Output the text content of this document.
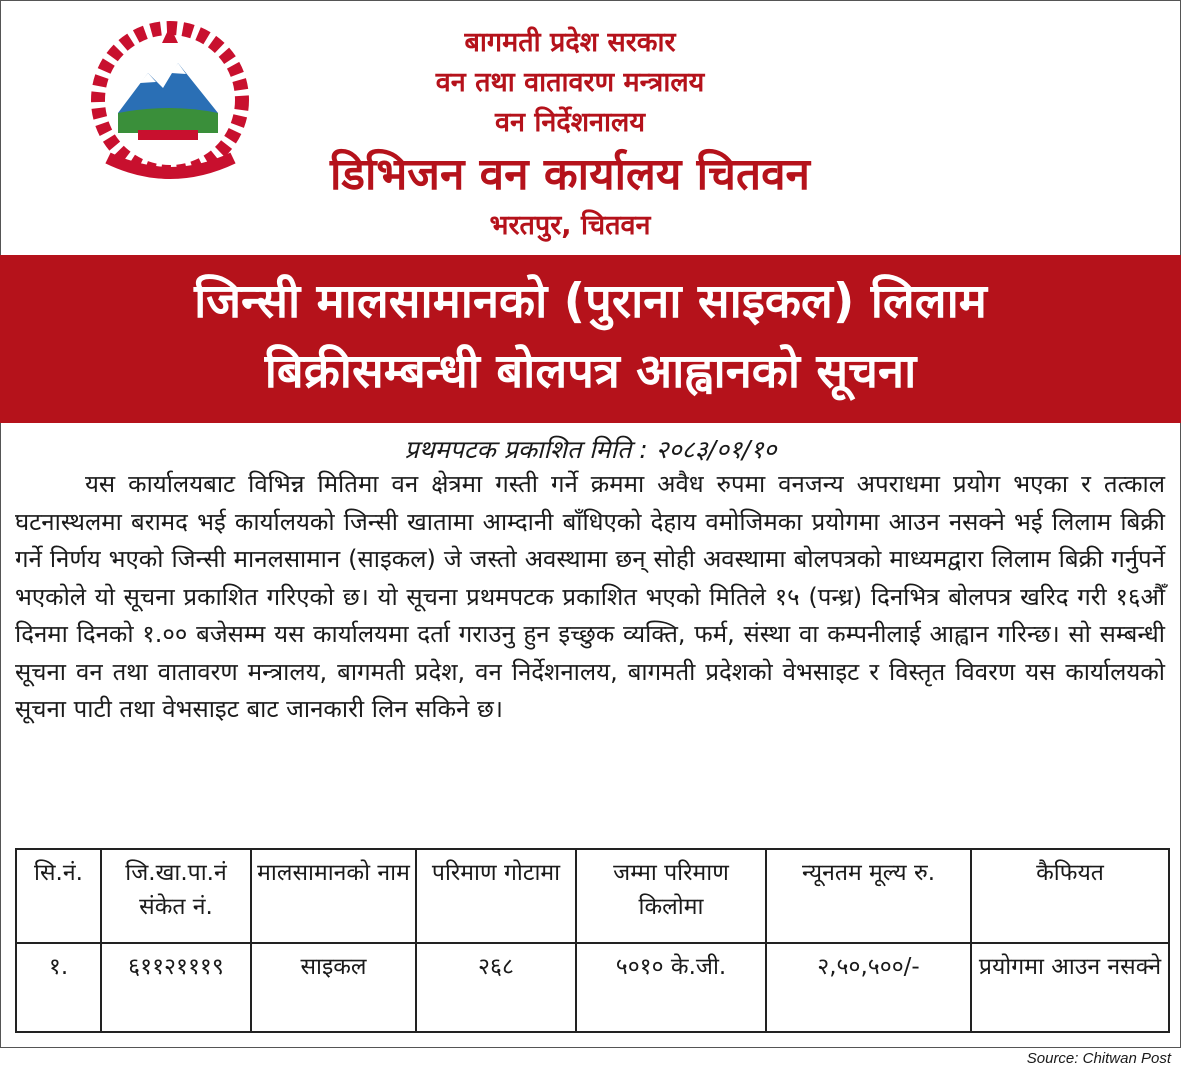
बागमती प्रदेश सरकार
वन तथा वातावरण मन्त्रालय
वन निर्देशनालय
डिभिजन वन कार्यालय चितवन
भरतपुर, चितवन
जिन्सी मालसामानको (पुराना साइकल) लिलाम
बिक्रीसम्बन्धी बोलपत्र आह्वानको सूचना
प्रथमपटक प्रकाशित मिति : २०८३/०१/१०
यस कार्यालयबाट विभिन्न मितिमा वन क्षेत्रमा गस्ती गर्ने क्रममा अवैध रुपमा वनजन्य अपराधमा प्रयोग भएका र तत्काल घटनास्थलमा बरामद भई कार्यालयको जिन्सी खातामा आम्दानी बाँधिएको देहाय वमोजिमका प्रयोगमा आउन नसक्ने भई लिलाम बिक्री गर्ने निर्णय भएको जिन्सी मानलसामान (साइकल) जे जस्तो अवस्थामा छन् सोही अवस्थामा बोलपत्रको माध्यमद्वारा लिलाम बिक्री गर्नुपर्ने भएकोले यो सूचना प्रकाशित गरिएको छ। यो सूचना प्रथमपटक प्रकाशित भएको मितिले १५ (पन्ध्र) दिनभित्र बोलपत्र खरिद गरी १६औँ दिनमा दिनको १.०० बजेसम्म यस कार्यालयमा दर्ता गराउनु हुन इच्छुक व्यक्ति, फर्म, संस्था वा कम्पनीलाई आह्वान गरिन्छ। सो सम्बन्धी सूचना वन तथा वातावरण मन्त्रालय, बागमती प्रदेश, वन निर्देशनालय, बागमती प्रदेशको वेभसाइट र विस्तृत विवरण यस कार्यालयको सूचना पाटी तथा वेभसाइट बाट जानकारी लिन सकिने छ।
सि.नं.	जि.खा.पा.नं संकेत नं.	मालसामानको नाम	परिमाण गोटामा	जम्मा परिमाण किलोमा	न्यूनतम मूल्य रु.	कैफियत
१.	६११२१११९	साइकल	२६८	५०१० के.जी.	२,५०,५००/-	प्रयोगमा आउन नसक्ने
Source: Chitwan Post
